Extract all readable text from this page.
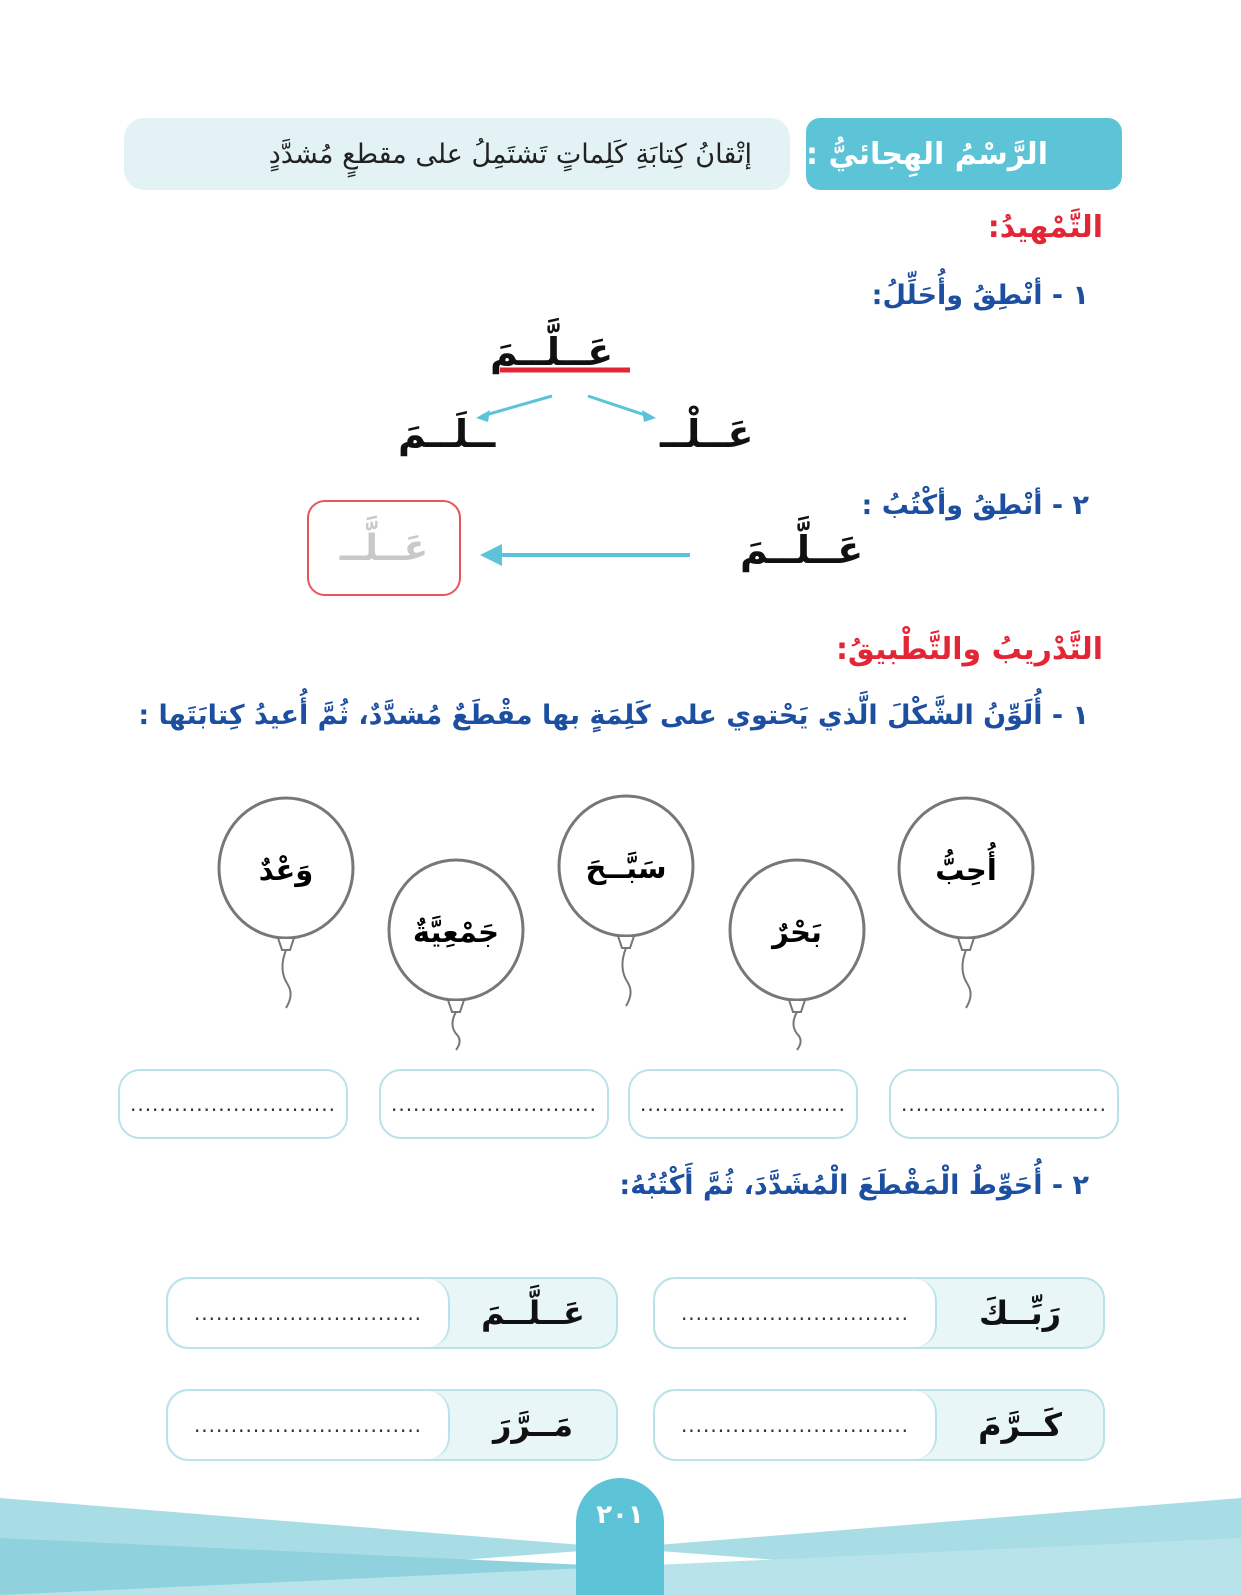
الرَّسْمُ الهِجائيُّ :
إتْقانُ كِتابَةِ كَلِماتٍ تَشتَمِلُ على مقطعٍ مُشدَّدٍ
التَّمْهيدُ:
١ - أنْطِقُ وأُحَلِّلُ:
عَــلَّــمَ
عَــلْــ
ــلَــمَ
٢ - أنْطِقُ وأكْتُبُ :
عَــلَّــمَ
عَــلَّــ
التَّدْريبُ والتَّطْبيقُ:
١ - أُلَوِّنُ الشَّكْلَ الَّذي يَحْتوي على كَلِمَةٍ بها مقْطَعٌ مُشدَّدٌ، ثُمَّ أُعيدُ كِتابَتَها :
أُحِبُّ
بَحْرٌ
سَبَّــحَ
جَمْعِيَّةٌ
وَعْدٌ
............................
............................
............................
............................
٢ - أُحَوِّطُ الْمَقْطَعَ الْمُشَدَّدَ، ثُمَّ أَكْتُبُهُ:
رَبِّــكَ
...............................
عَــلَّــمَ
...............................
كَــرَّمَ
...............................
مَــرَّرَ
...............................
٢٠١
